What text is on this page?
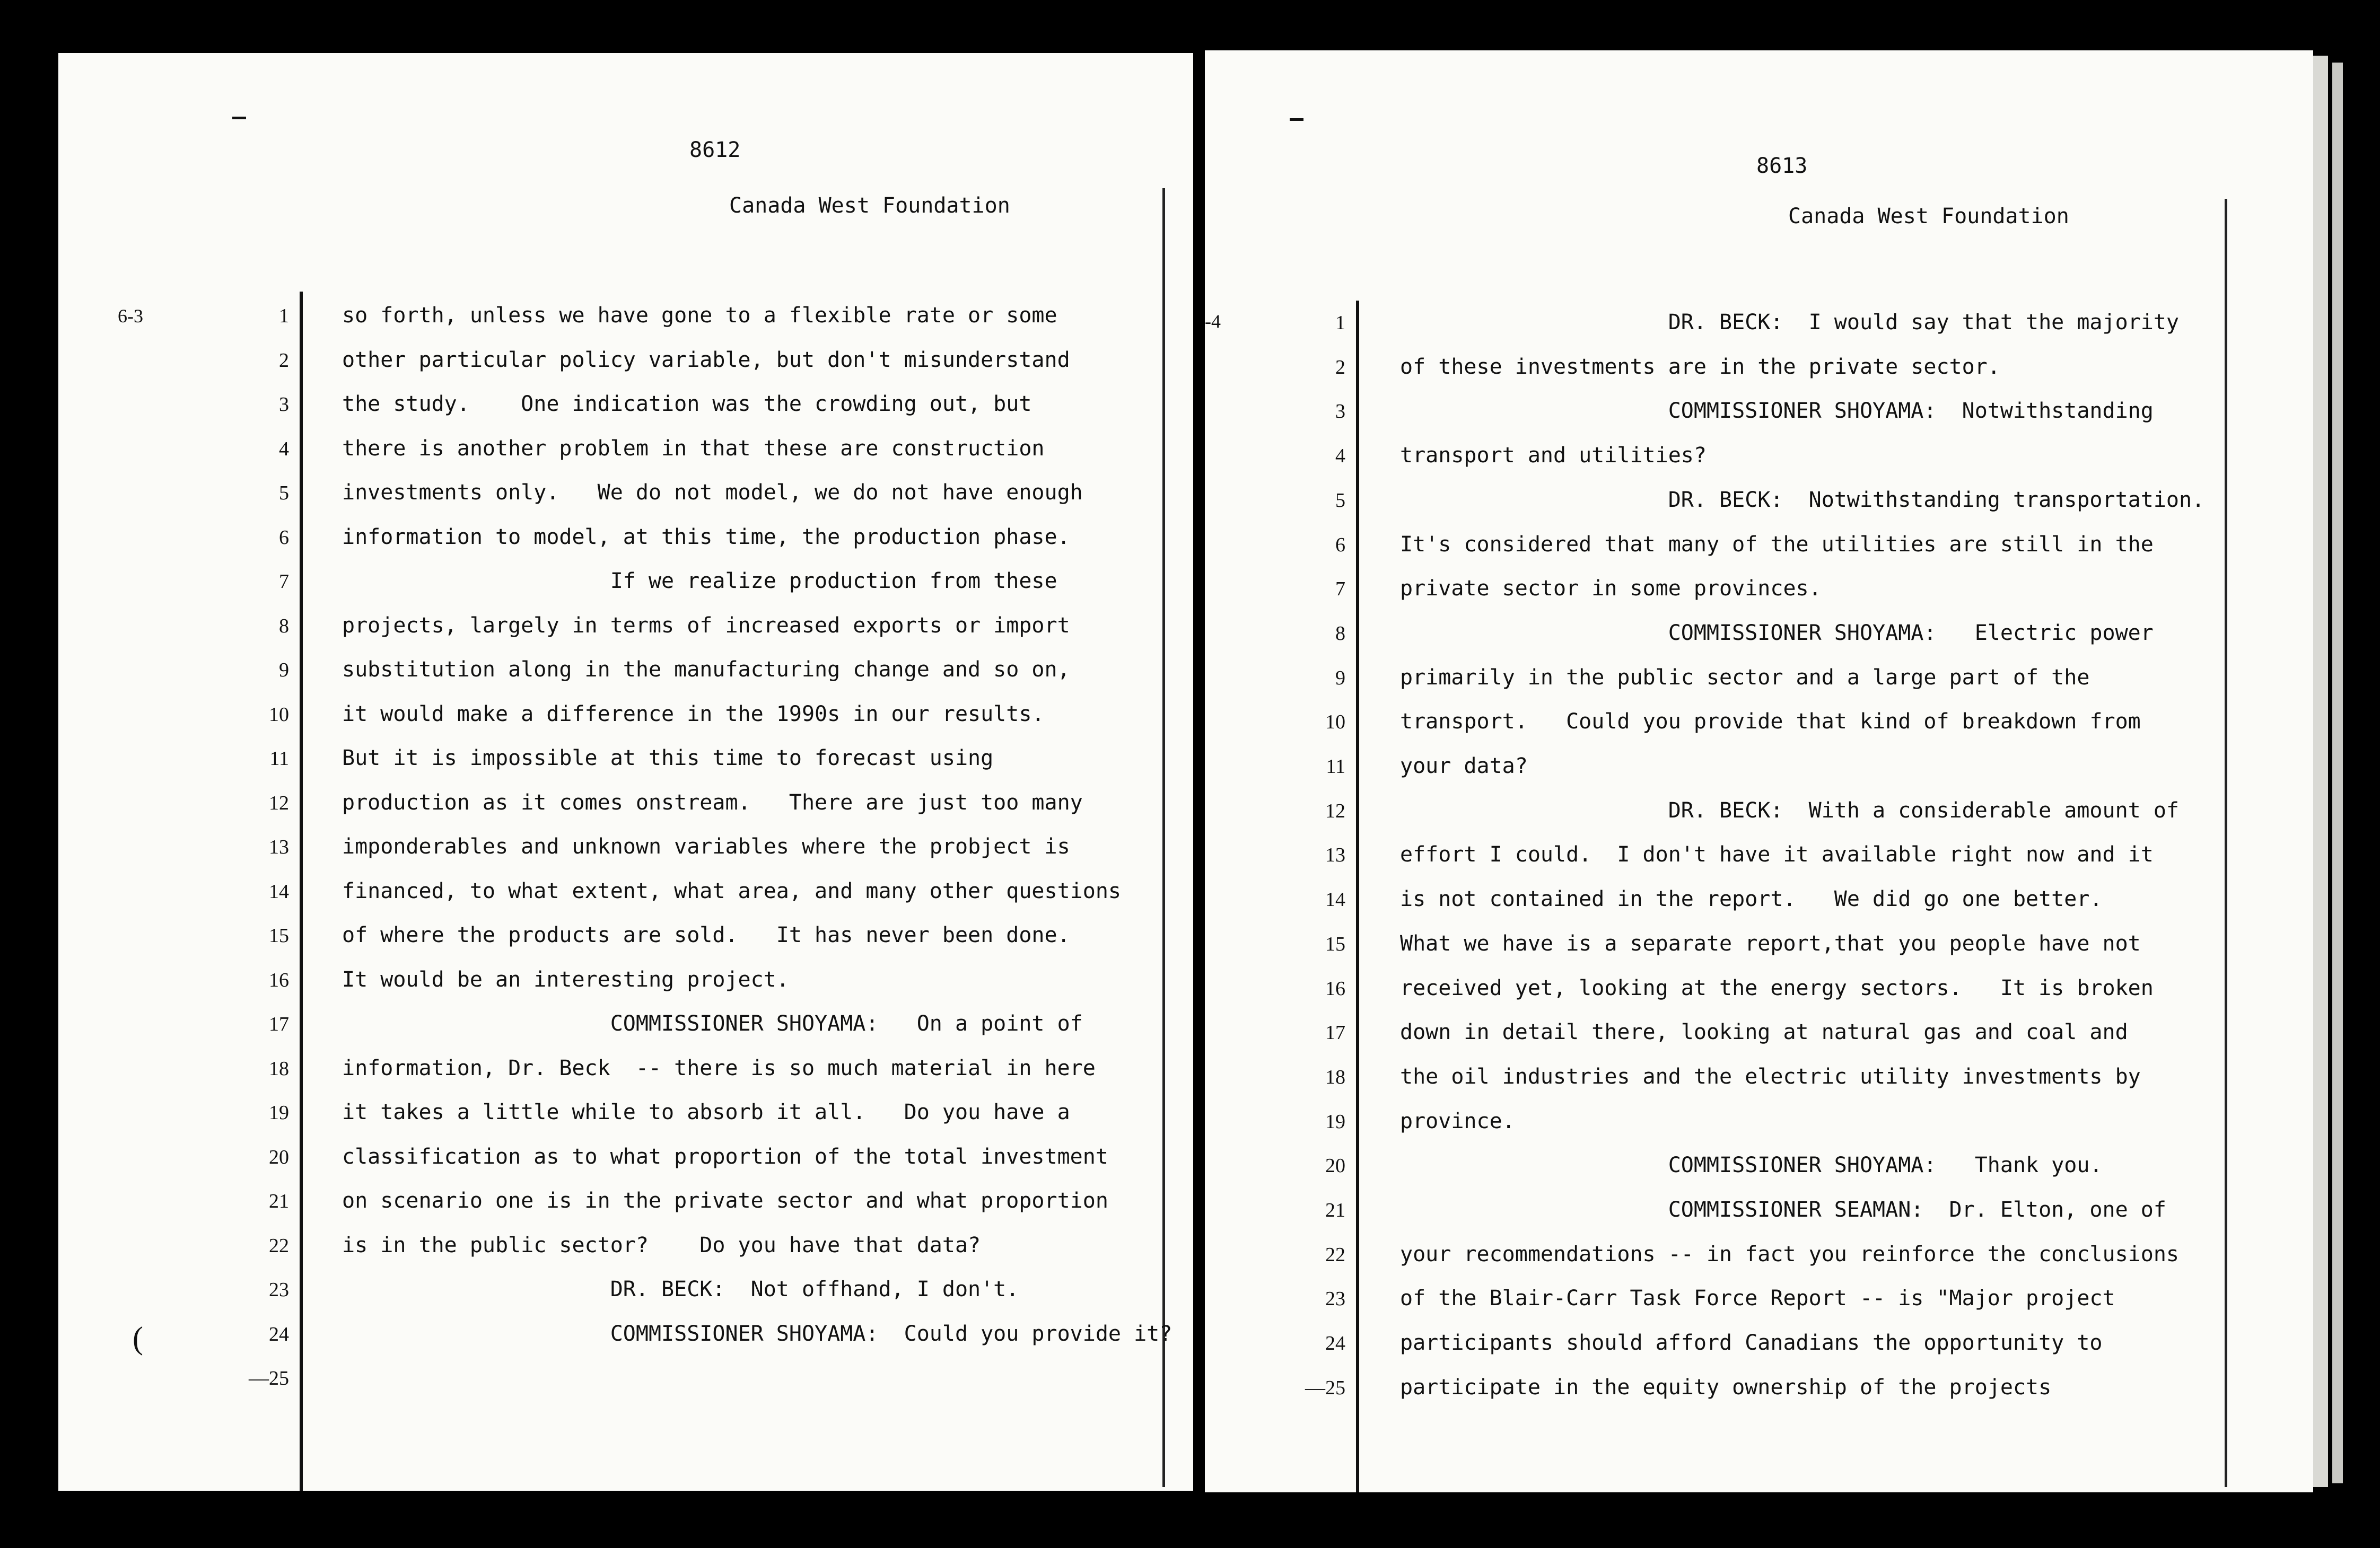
8612
Canada West Foundation
6-3
(
1	so forth, unless we have gone to a flexible rate or some
2	other particular policy variable, but don't misunderstand
3	the study.    One indication was the crowding out, but
4	there is another problem in that these are construction
5	investments only.   We do not model, we do not have enough
6	information to model, at this time, the production phase.
7	If we realize production from these
8	projects, largely in terms of increased exports or import
9	substitution along in the manufacturing change and so on,
10	it would make a difference in the 1990s in our results.
11	But it is impossible at this time to forecast using
12	production as it comes onstream.   There are just too many
13	imponderables and unknown variables where the probject is
14	financed, to what extent, what area, and many other questions
15	of where the products are sold.   It has never been done.
16	It would be an interesting project.
17	COMMISSIONER SHOYAMA:   On a point of
18	information, Dr. Beck  -- there is so much material in here
19	it takes a little while to absorb it all.   Do you have a
20	classification as to what proportion of the total investment
21	on scenario one is in the private sector and what proportion
22	is in the public sector?    Do you have that data?
23	DR. BECK:  Not offhand, I don't.
24	COMMISSIONER SHOYAMA:  Could you provide it?
—25
8613
Canada West Foundation
-4	1	DR. BECK:  I would say that the majority
2	of these investments are in the private sector.
3	COMMISSIONER SHOYAMA:  Notwithstanding
4	transport and utilities?
5	DR. BECK:  Notwithstanding transportation.
6	It's considered that many of the utilities are still in the
7	private sector in some provinces.
8	COMMISSIONER SHOYAMA:   Electric power
9	primarily in the public sector and a large part of the
10	transport.   Could you provide that kind of breakdown from
11	your data?
12	DR. BECK:  With a considerable amount of
13	effort I could.  I don't have it available right now and it
14	is not contained in the report.   We did go one better.
15	What we have is a separate report,that you people have not
16	received yet, looking at the energy sectors.   It is broken
17	down in detail there, looking at natural gas and coal and
18	the oil industries and the electric utility investments by
19	province.
20	COMMISSIONER SHOYAMA:   Thank you.
21	COMMISSIONER SEAMAN:  Dr. Elton, one of
22	your recommendations -- in fact you reinforce the conclusions
23	of the Blair-Carr Task Force Report -- is "Major project
24	participants should afford Canadians the opportunity to
—25	participate in the equity ownership of the projects
